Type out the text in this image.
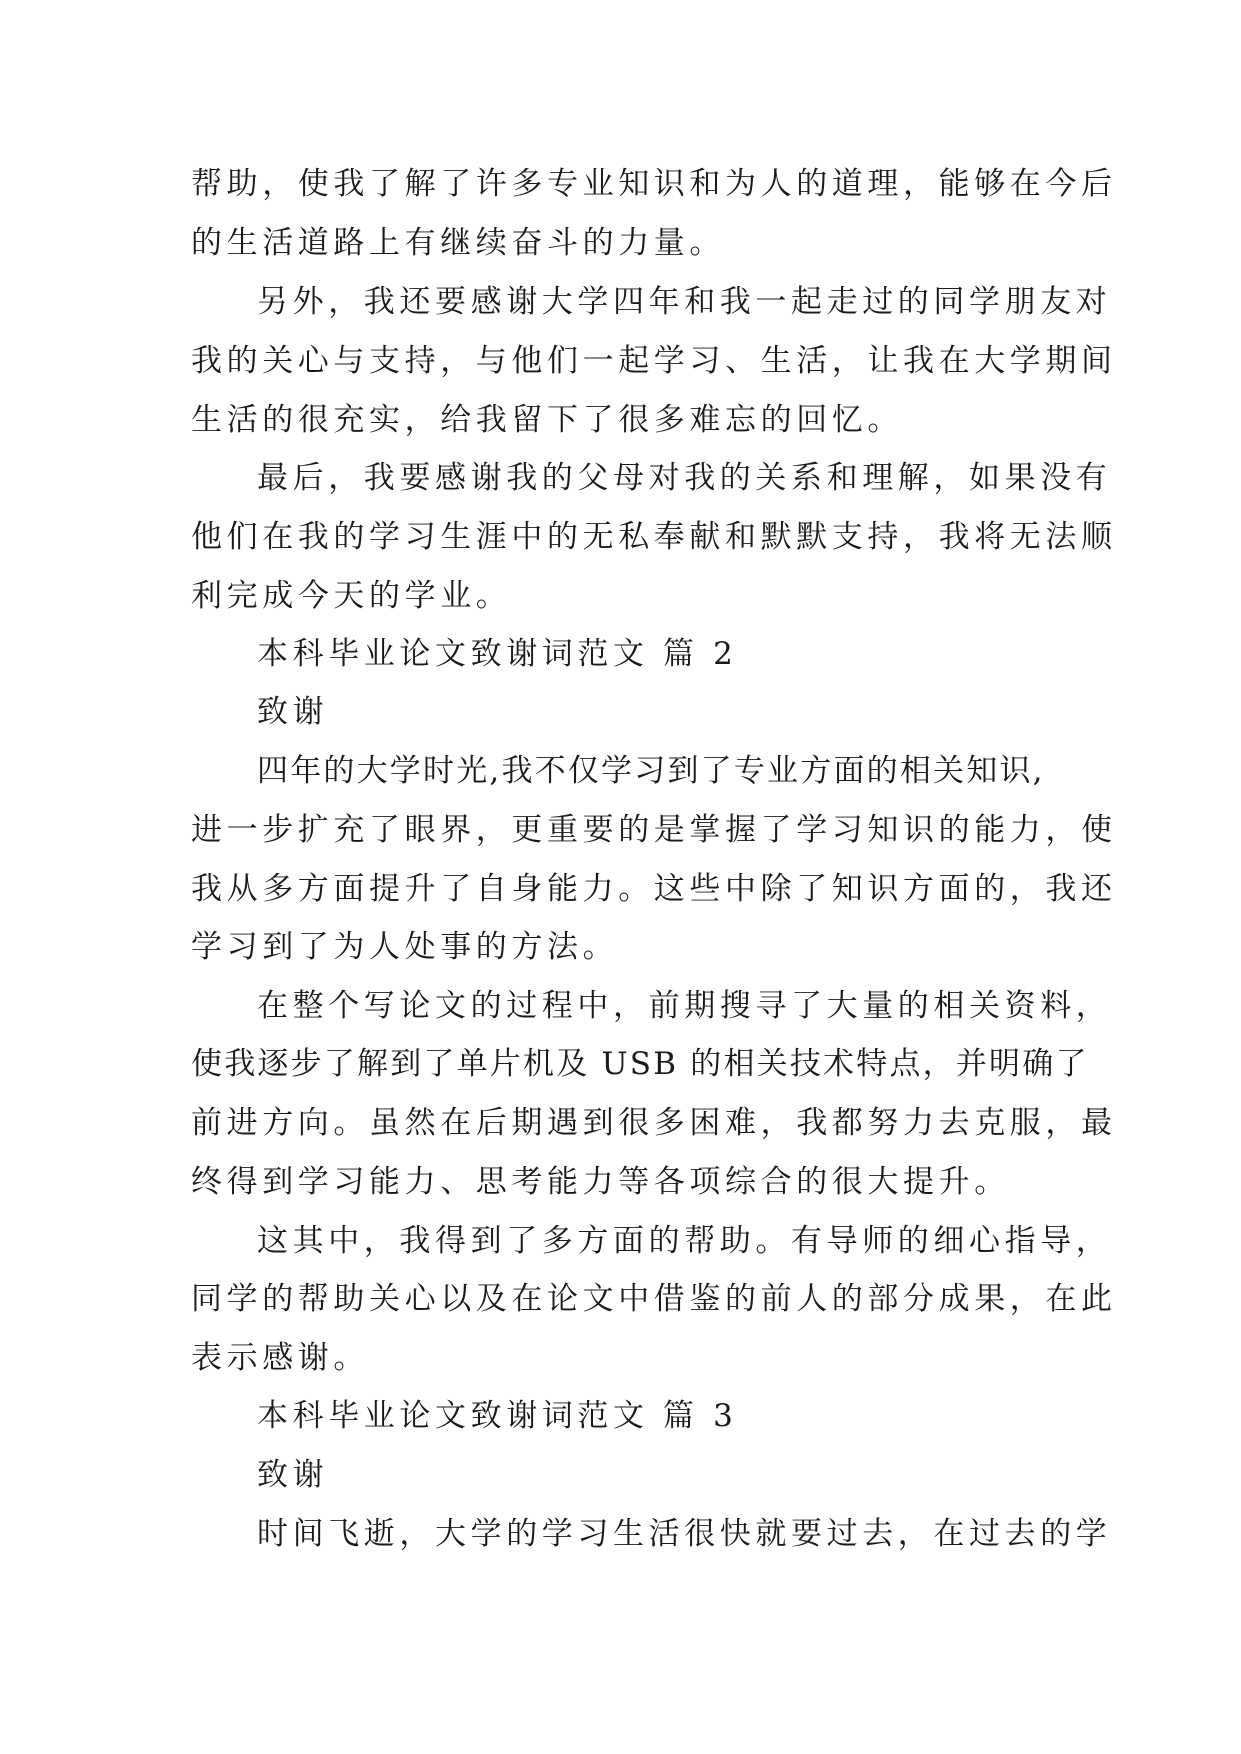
帮助，使我了解了许多专业知识和为人的道理，能够在今后

的生活道路上有继续奋斗的力量。

另外，我还要感谢大学四年和我一起走过的同学朋友对

我的关心与支持，与他们一起学习、生活，让我在大学期间

生活的很充实，给我留下了很多难忘的回忆。

最后，我要感谢我的父母对我的关系和理解，如果没有

他们在我的学习生涯中的无私奉献和默默支持，我将无法顺

利完成今天的学业。

本科毕业论文致谢词范文 篇 2

致谢

四年的大学时光,我不仅学习到了专业方面的相关知识,

进一步扩充了眼界，更重要的是掌握了学习知识的能力，使

我从多方面提升了自身能力。这些中除了知识方面的，我还

学习到了为人处事的方法。

在整个写论文的过程中，前期搜寻了大量的相关资料，

使我逐步了解到了单片机及 USB 的相关技术特点，并明确了

前进方向。虽然在后期遇到很多困难，我都努力去克服，最

终得到学习能力、思考能力等各项综合的很大提升。

这其中，我得到了多方面的帮助。有导师的细心指导，

同学的帮助关心以及在论文中借鉴的前人的部分成果，在此

表示感谢。

本科毕业论文致谢词范文 篇 3

致谢

时间飞逝，大学的学习生活很快就要过去，在过去的学
